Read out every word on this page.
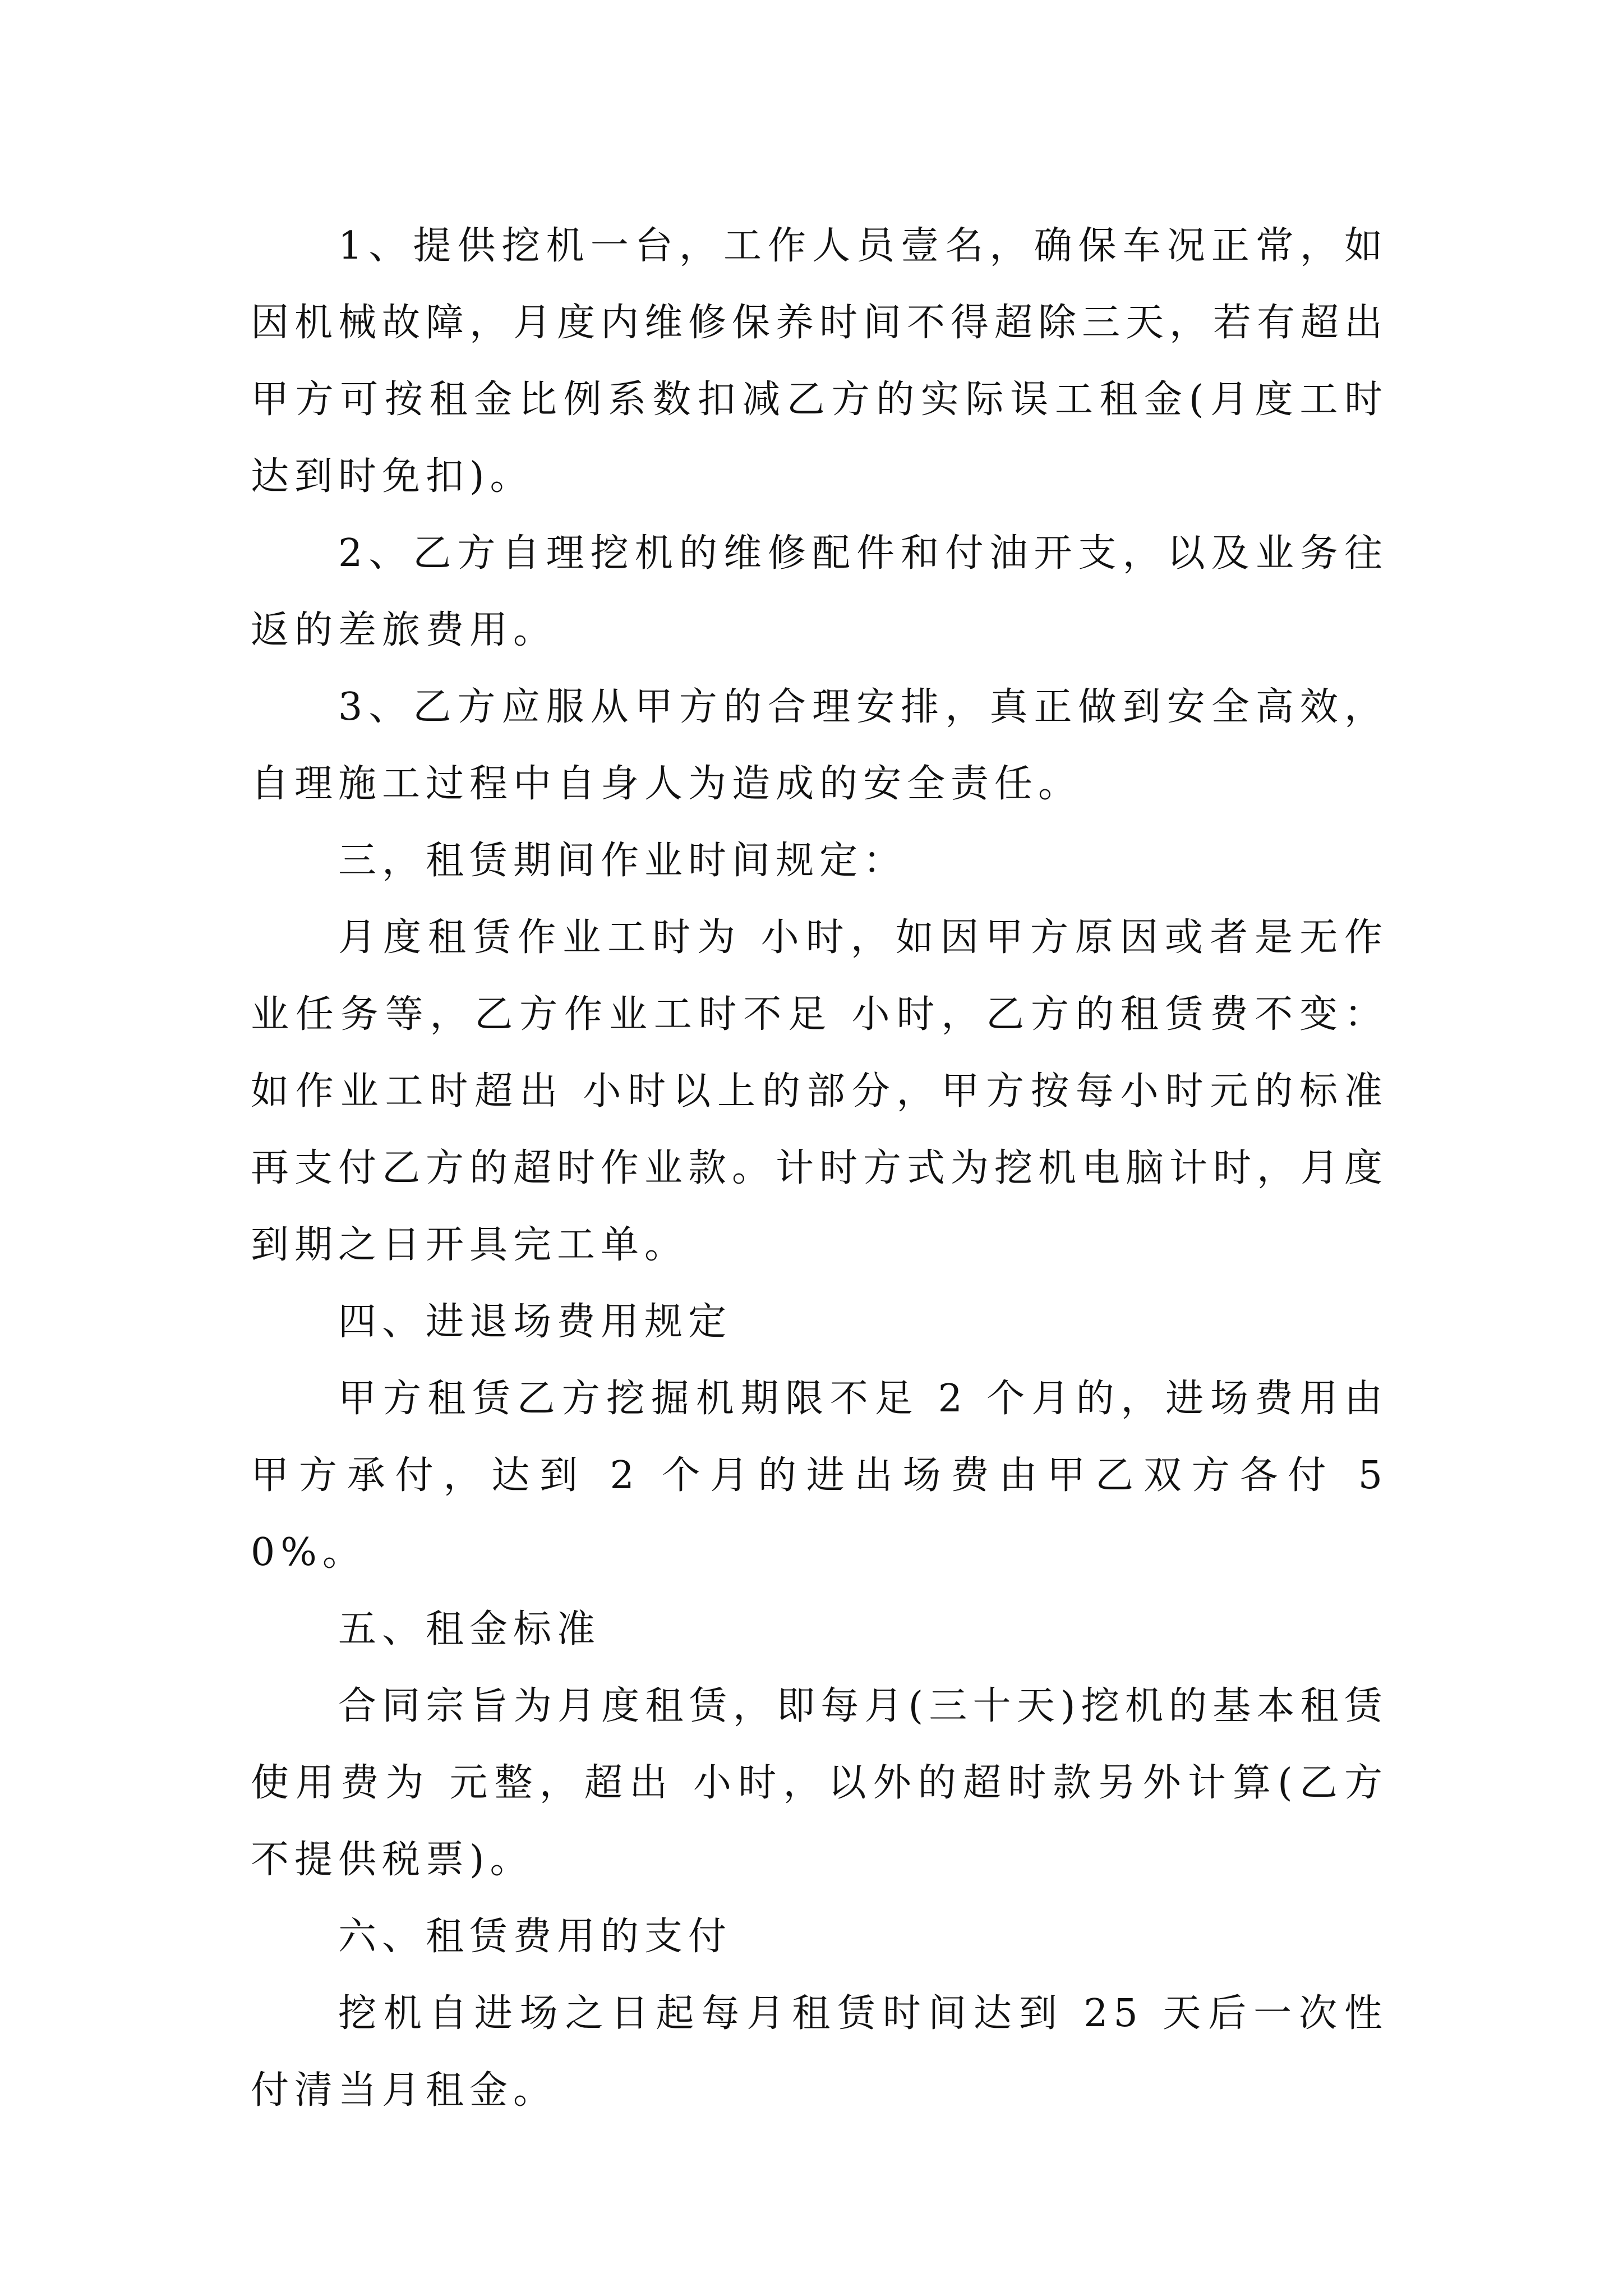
1、提供挖机一台，工作人员壹名，确保车况正常，如因机械故障，月度内维修保养时间不得超除三天，若有超出甲方可按租金比例系数扣减乙方的实际误工租金(月度工时达到时免扣)。

2、乙方自理挖机的维修配件和付油开支，以及业务往返的差旅费用。

3、乙方应服从甲方的合理安排，真正做到安全高效，自理施工过程中自身人为造成的安全责任。

三，租赁期间作业时间规定：

月度租赁作业工时为 小时，如因甲方原因或者是无作业任务等，乙方作业工时不足 小时，乙方的租赁费不变：如作业工时超出 小时以上的部分，甲方按每小时元的标准再支付乙方的超时作业款。计时方式为挖机电脑计时，月度到期之日开具完工单。

四、进退场费用规定

甲方租赁乙方挖掘机期限不足 2 个月的，进场费用由甲方承付，达到 2 个月的进出场费由甲乙双方各付 50%。

五、租金标准

合同宗旨为月度租赁，即每月(三十天)挖机的基本租赁使用费为 元整，超出 小时，以外的超时款另外计算(乙方不提供税票)。

六、租赁费用的支付

挖机自进场之日起每月租赁时间达到 25 天后一次性付清当月租金。
